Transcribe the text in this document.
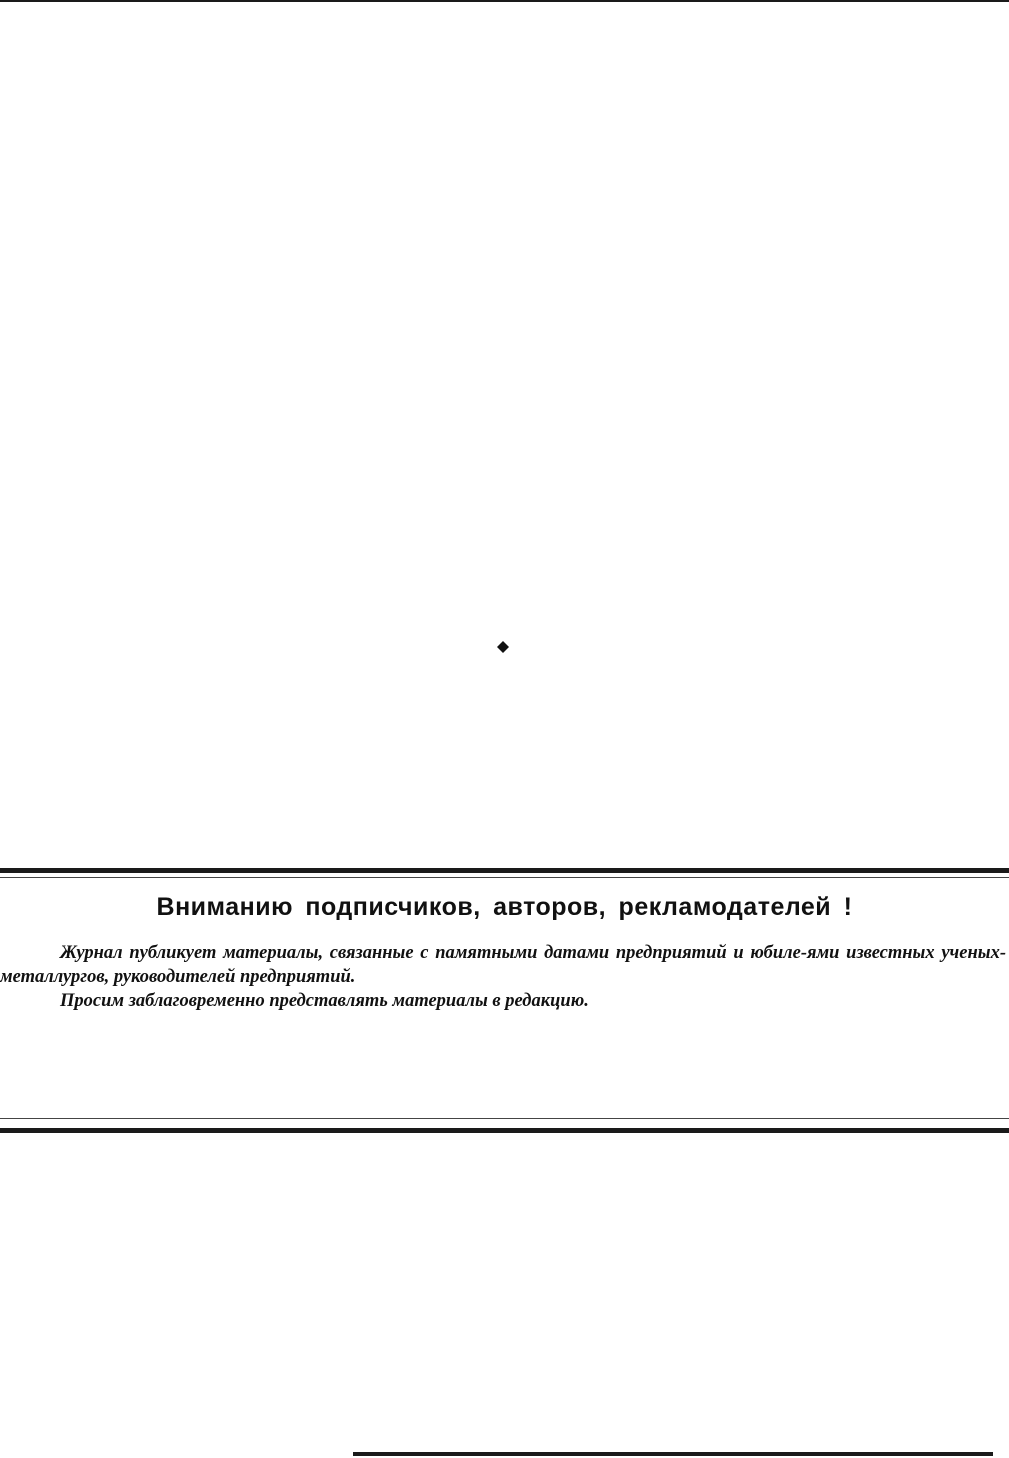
Вниманию подписчиков, авторов, рекламодателей !

Журнал публикует материалы, связанные с памятными датами предприятий и юбиле-ями известных ученых-металлургов, руководителей предприятий.

Просим заблаговременно представлять материалы в редакцию.
